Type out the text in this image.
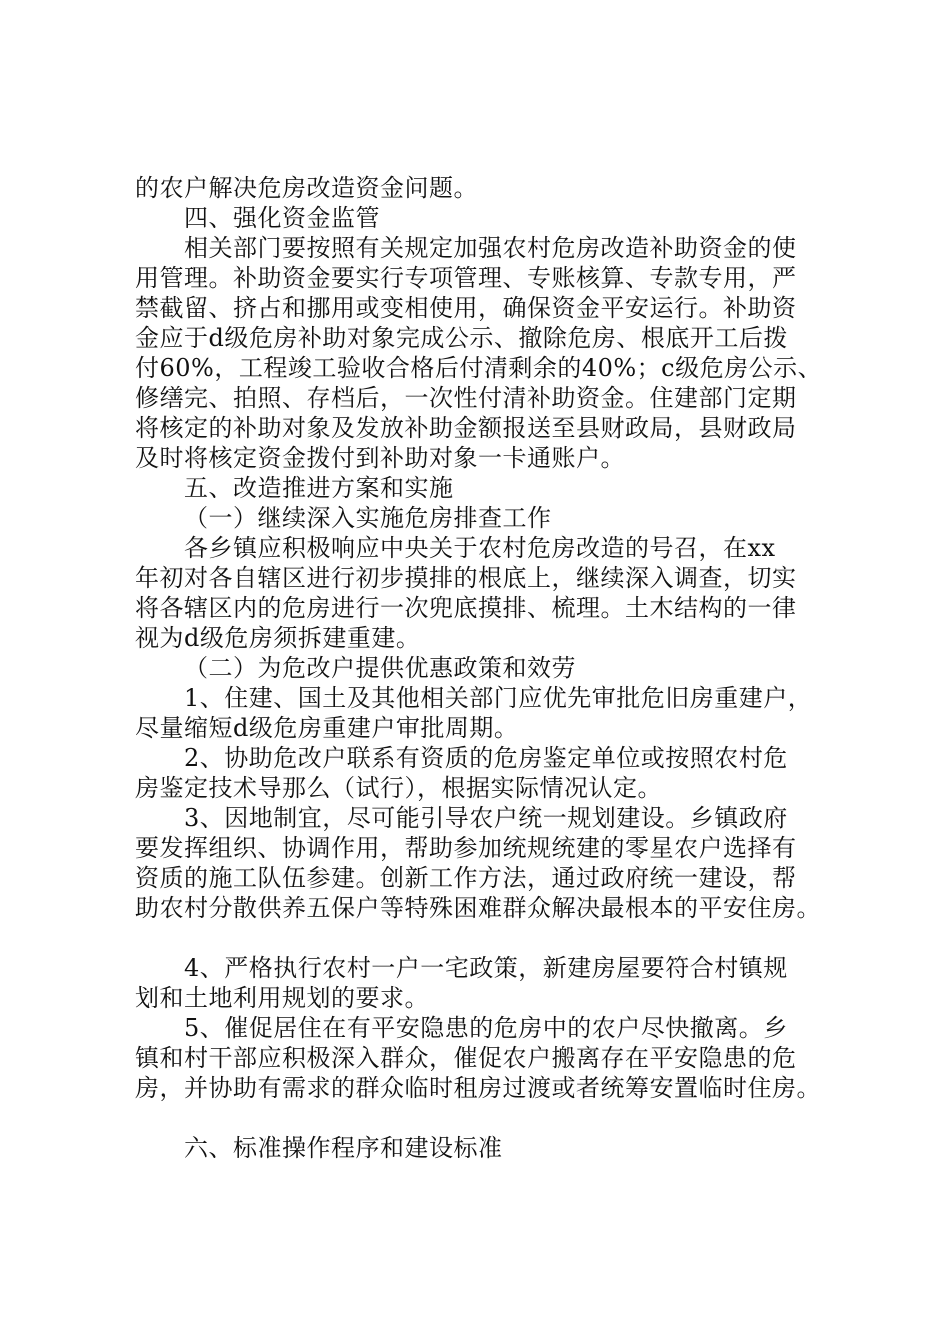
的农户解决危房改造资金问题。
四、强化资金监管
相关部门要按照有关规定加强农村危房改造补助资金的使
用管理。补助资金要实行专项管理、专账核算、专款专用，严
禁截留、挤占和挪用或变相使用，确保资金平安运行。补助资
金应于d级危房补助对象完成公示、撤除危房、根底开工后拨
付60%，工程竣工验收合格后付清剩余的40%；c级危房公示、
修缮完、拍照、存档后，一次性付清补助资金。住建部门定期
将核定的补助对象及发放补助金额报送至县财政局，县财政局
及时将核定资金拨付到补助对象一卡通账户。
五、改造推进方案和实施
（一）继续深入实施危房排查工作
各乡镇应积极响应中央关于农村危房改造的号召，在xx
年初对各自辖区进行初步摸排的根底上，继续深入调查，切实
将各辖区内的危房进行一次兜底摸排、梳理。土木结构的一律
视为d级危房须拆建重建。
（二）为危改户提供优惠政策和效劳
1、住建、国土及其他相关部门应优先审批危旧房重建户，
尽量缩短d级危房重建户审批周期。
2、协助危改户联系有资质的危房鉴定单位或按照农村危
房鉴定技术导那么（试行），根据实际情况认定。
3、因地制宜，尽可能引导农户统一规划建设。乡镇政府
要发挥组织、协调作用，帮助参加统规统建的零星农户选择有
资质的施工队伍参建。创新工作方法，通过政府统一建设，帮
助农村分散供养五保户等特殊困难群众解决最根本的平安住房。
4、严格执行农村一户一宅政策，新建房屋要符合村镇规
划和土地利用规划的要求。
5、催促居住在有平安隐患的危房中的农户尽快撤离。乡
镇和村干部应积极深入群众，催促农户搬离存在平安隐患的危
房，并协助有需求的群众临时租房过渡或者统筹安置临时住房。
六、标准操作程序和建设标准
